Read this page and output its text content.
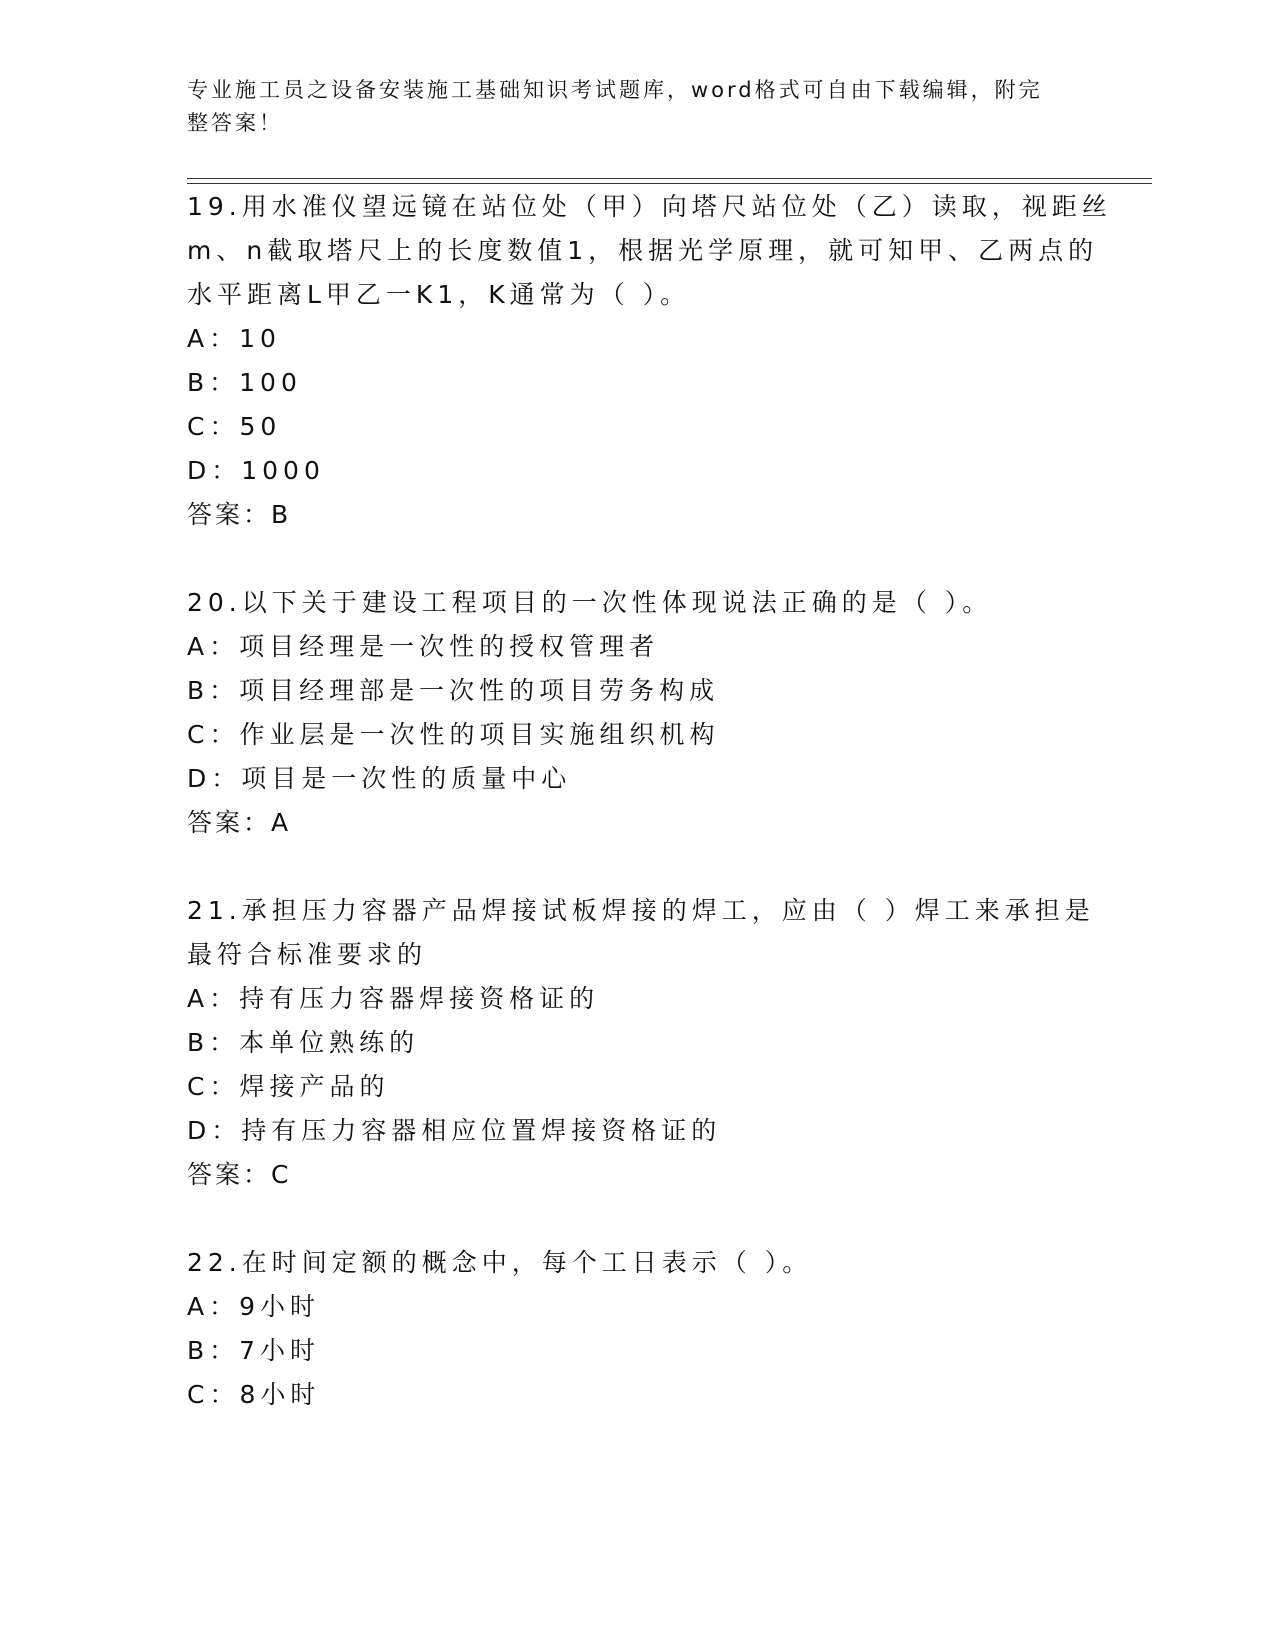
专业施工员之设备安装施工基础知识考试题库，word格式可自由下载编辑，附完
整答案！
19.用水准仪望远镜在站位处（甲）向塔尺站位处（乙）读取，视距丝
m、n截取塔尺上的长度数值1，根据光学原理，就可知甲、乙两点的
水平距离L甲乙一K1，K通常为（ ）。
A：10
B：100
C：50
D：1000
答案：B
20.以下关于建设工程项目的一次性体现说法正确的是（ ）。
A：项目经理是一次性的授权管理者
B：项目经理部是一次性的项目劳务构成
C：作业层是一次性的项目实施组织机构
D：项目是一次性的质量中心
答案：A
21.承担压力容器产品焊接试板焊接的焊工，应由（ ）焊工来承担是
最符合标准要求的
A：持有压力容器焊接资格证的
B：本单位熟练的
C：焊接产品的
D：持有压力容器相应位置焊接资格证的
答案：C
22.在时间定额的概念中，每个工日表示（ ）。
A：9小时
B：7小时
C：8小时
